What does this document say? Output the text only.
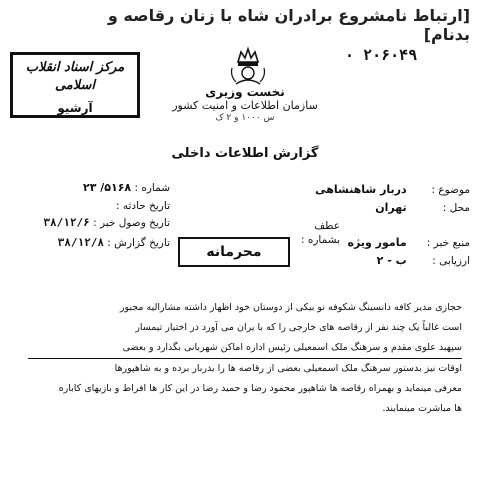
[ارتباط نامشروع برادران شاه با زنان رقاصه و بدنام]
۰ ۲۰۶۰۴۹
مرکز اسناد انقلاب اسلامی
آرشیو
نخست وزیری
سازمان اطلاعات و امنیت کشور
س ۱۰۰۰ و ۲ ک
گزارش اطلاعات داخلی
موضوع : دربار شاهنشاهی
محل : تهران
عطف بشماره :	منبع خبر : مامور ویژه
ارزیابی : ب - ۲
شماره : ۵۱۶۸/ ۲۳
تاریخ حادثه :
تاریخ وصول خبر : ۳۸/۱۲/۶
تاریخ گزارش : ۳۸/۱۲/۸
محرمانه

حجازی مدیر کافه دانسینگ شکوفه نو بیکی از دوستان خود اظهار داشته مشارالیه مجبور

است غالباً یک چند نفر از رقاصه های خارجی را که با یران می آورد در اختیار تیمسار

سپهبد علوی مقدم و سرهنگ ملک اسمعیلی رئیس اداره اماکن شهربانی بگذارد و بعضی

اوقات نیز بدستور سرهنگ ملک اسمعیلی بعضی از رقاصه ها را بدربار برده و به شاهپورها

معرفی مینماید و بهمراه رقاصه ها شاهپور محمود رضا و حمید رضا در این کار ها افراط و بازیهای کاباره

ها مباشرت مینمایند.
